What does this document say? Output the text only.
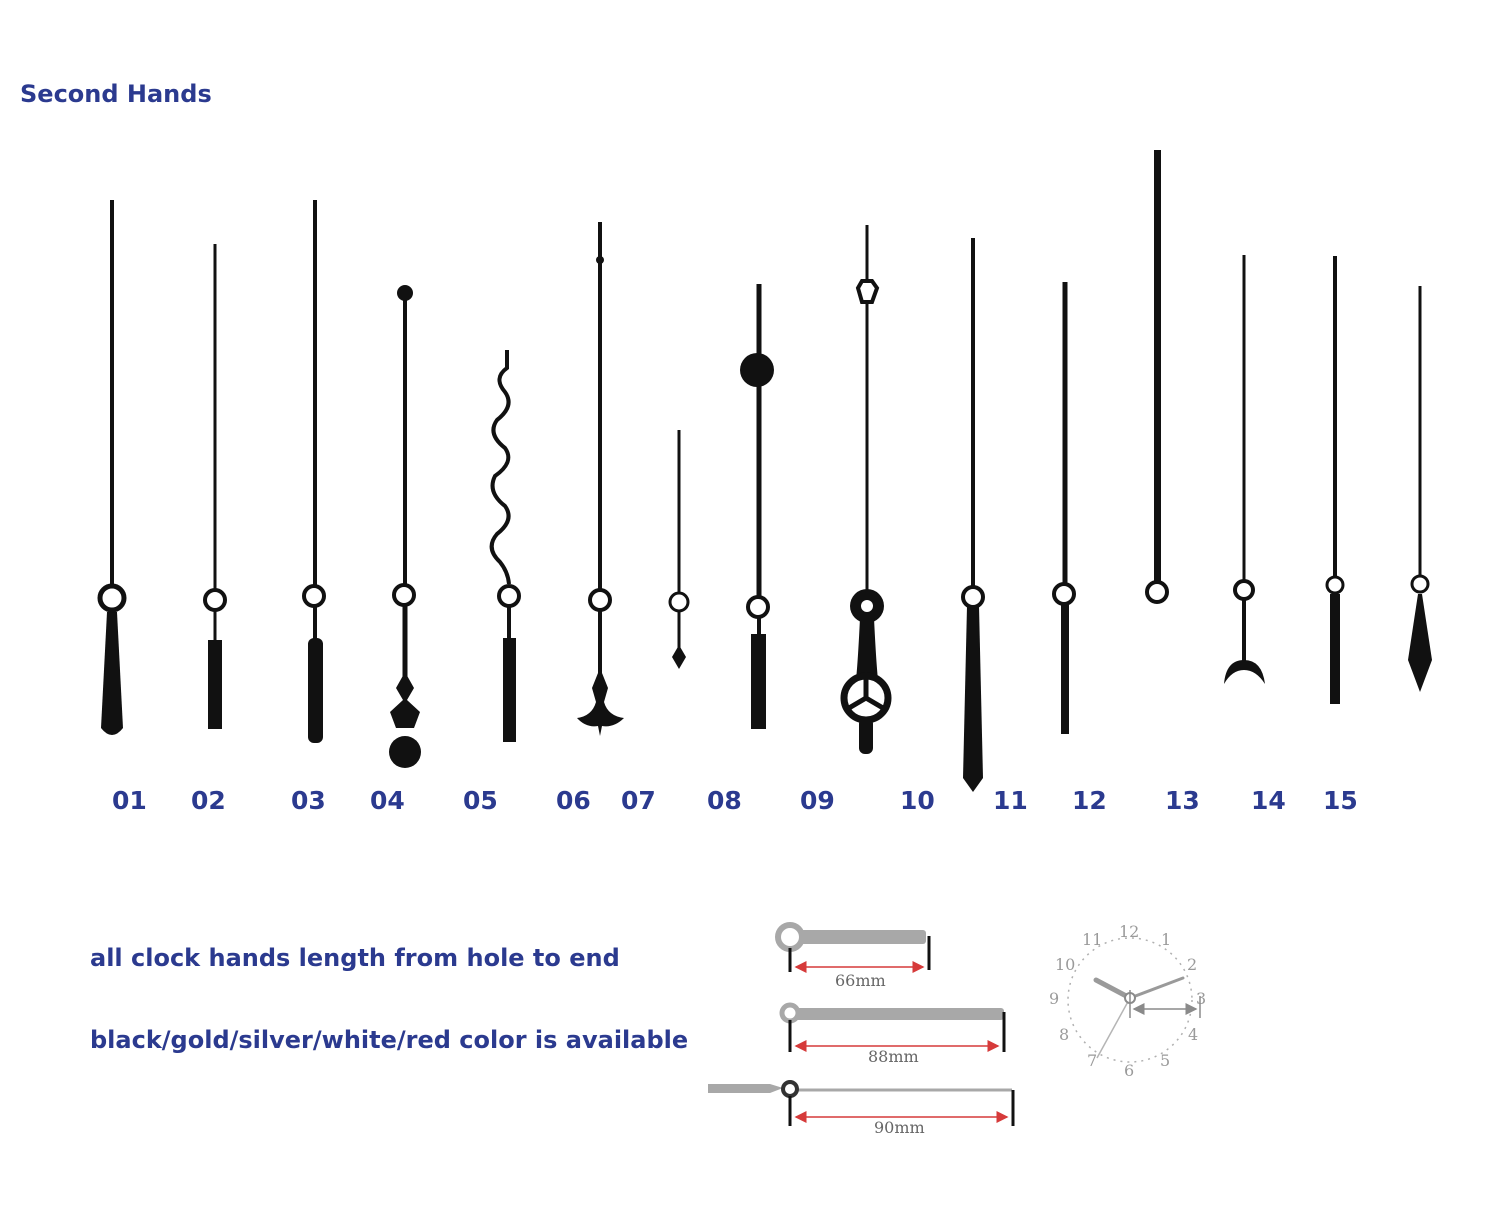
Second Hands
01 02	03 04 05 06 07 08 09	10 11 12 13 14 15

all clock hands length from hole to end

black/gold/silver/white/red color is available

66mm
88mm
90mm
12 1
2
3
4
5
6
7
8
9
10
11
